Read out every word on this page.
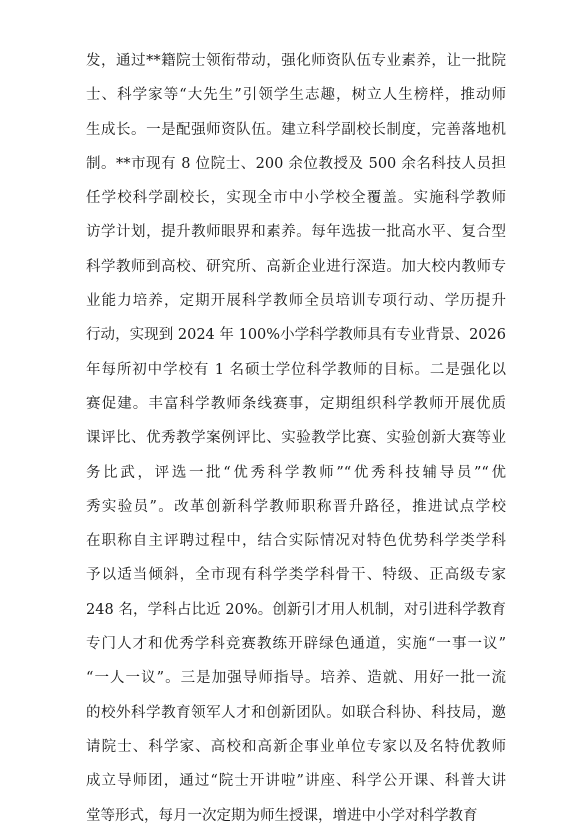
发，通过**籍院士领衔带动，强化师资队伍专业素养，让一批院
士、科学家等“大先生”引领学生志趣，树立人生榜样，推动师
生成长。一是配强师资队伍。建立科学副校长制度，完善落地机
制。**市现有 8 位院士、200 余位教授及 500 余名科技人员担
任学校科学副校长，实现全市中小学校全覆盖。实施科学教师
访学计划，提升教师眼界和素养。每年选拔一批高水平、复合型
科学教师到高校、研究所、高新企业进行深造。加大校内教师专
业能力培养，定期开展科学教师全员培训专项行动、学历提升
行动，实现到 2024 年 100%小学科学教师具有专业背景、2026
年每所初中学校有 1 名硕士学位科学教师的目标。二是强化以
赛促建。丰富科学教师条线赛事，定期组织科学教师开展优质
课评比、优秀教学案例评比、实验教学比赛、实验创新大赛等业
务比武，评选一批“优秀科学教师”“优秀科技辅导员”“优
秀实验员”。改革创新科学教师职称晋升路径，推进试点学校
在职称自主评聘过程中，结合实际情况对特色优势科学类学科
予以适当倾斜，全市现有科学类学科骨干、特级、正高级专家
248 名，学科占比近 20%。创新引才用人机制，对引进科学教育
专门人才和优秀学科竞赛教练开辟绿色通道，实施“一事一议”
“一人一议”。三是加强导师指导。培养、造就、用好一批一流
的校外科学教育领军人才和创新团队。如联合科协、科技局，邀
请院士、科学家、高校和高新企事业单位专家以及名特优教师
成立导师团，通过“院士开讲啦”讲座、科学公开课、科普大讲
堂等形式，每月一次定期为师生授课，增进中小学对科学教育
